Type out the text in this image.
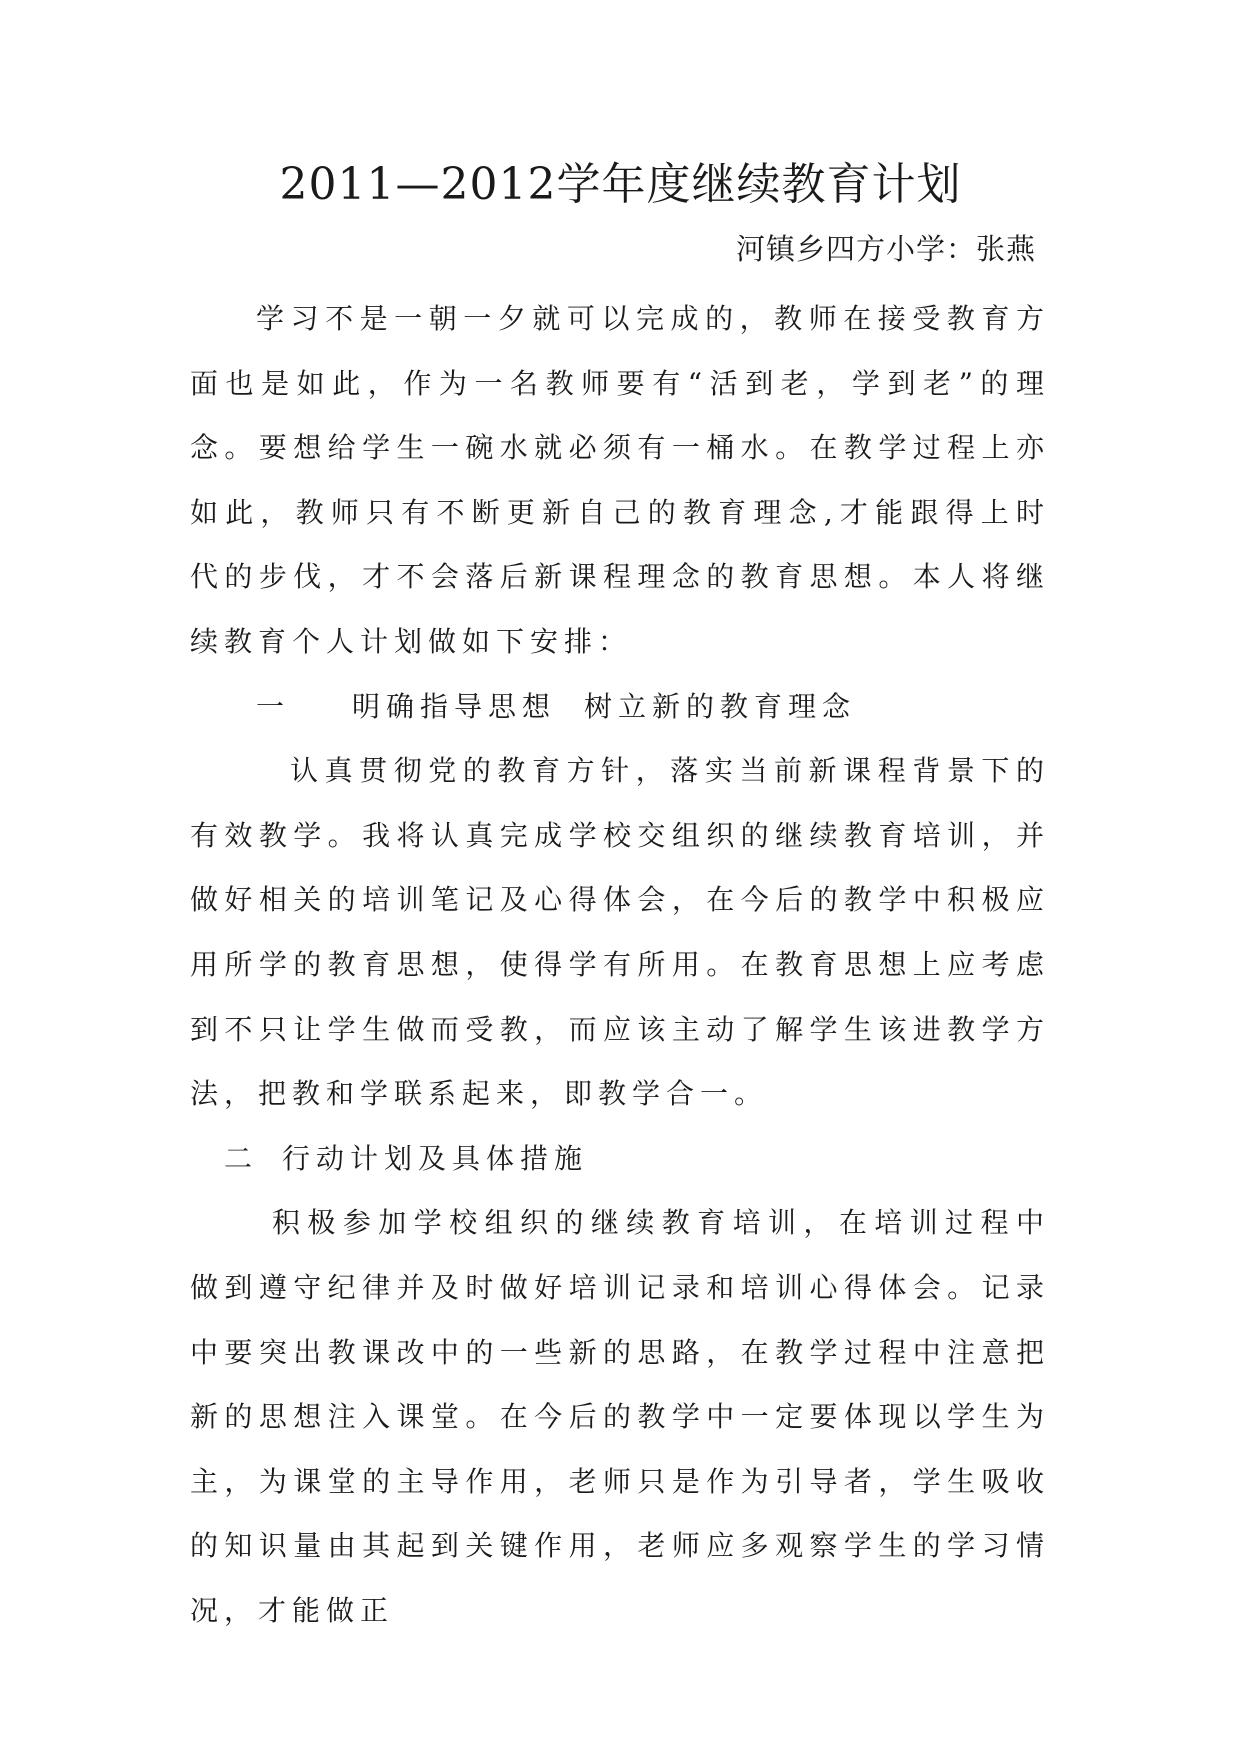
2011—2012学年度继续教育计划

河镇乡四方小学：张燕

学习不是一朝一夕就可以完成的，教师在接受教育方面也是如此，作为一名教师要有“活到老，学到老”的理念。要想给学生一碗水就必须有一桶水。在教学过程上亦如此，教师只有不断更新自己的教育理念,才能跟得上时代的步伐，才不会落后新课程理念的教育思想。本人将继续教育个人计划做如下安排：

一 明确指导思想 树立新的教育理念

认真贯彻党的教育方针，落实当前新课程背景下的有效教学。我将认真完成学校交组织的继续教育培训，并做好相关的培训笔记及心得体会，在今后的教学中积极应用所学的教育思想，使得学有所用。在教育思想上应考虑到不只让学生做而受教，而应该主动了解学生该进教学方法，把教和学联系起来，即教学合一。

二 行动计划及具体措施

积极参加学校组织的继续教育培训，在培训过程中做到遵守纪律并及时做好培训记录和培训心得体会。记录中要突出教课改中的一些新的思路，在教学过程中注意把新的思想注入课堂。在今后的教学中一定要体现以学生为主，为课堂的主导作用，老师只是作为引导者，学生吸收的知识量由其起到关键作用，老师应多观察学生的学习情况，才能做正
